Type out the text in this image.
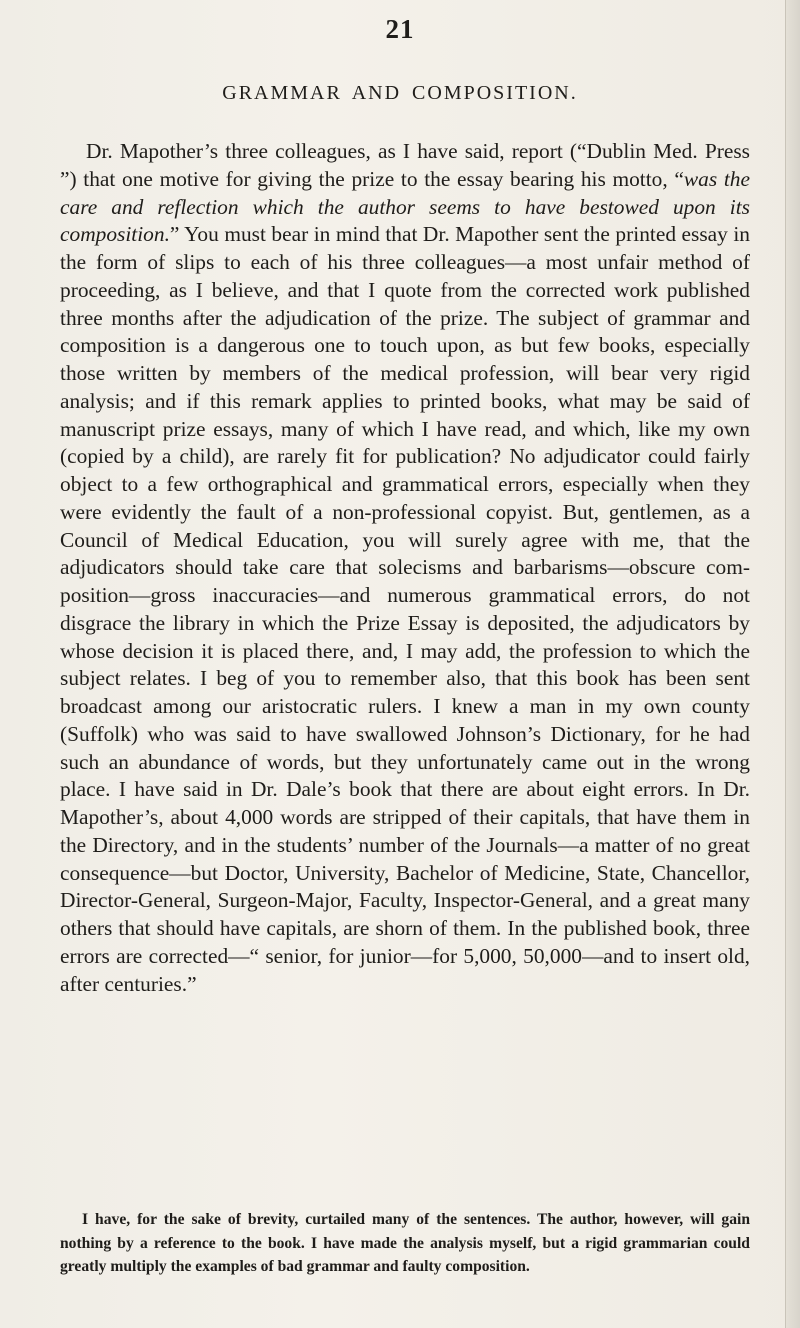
21
GRAMMAR AND COMPOSITION.

Dr. Mapother’s three colleagues, as I have said, report (“Dublin Med. Press ”) that one motive for giving the prize to the essay bearing his motto, “was the care and reflection which the author seems to have bestowed upon its composition.” You must bear in mind that Dr. Mapother sent the printed essay in the form of slips to each of his three colleagues—a most unfair method of proceeding, as I believe, and that I quote from the corrected work published three months after the adjudication of the prize. The subject of grammar and composition is a dangerous one to touch upon, as but few books, especially those written by members of the medical profession, will bear very rigid analysis; and if this remark applies to printed books, what may be said of manuscript prize essays, many of which I have read, and which, like my own (copied by a child), are rarely fit for publication? No adjudicator could fairly object to a few orthographical and grammatical errors, especially when they were evidently the fault of a non-professional copyist. But, gentlemen, as a Council of Medical Education, you will surely agree with me, that the adjudicators should take care that solecisms and barbarisms—obscure composition—gross inaccuracies—and numerous grammatical errors, do not disgrace the library in which the Prize Essay is deposited, the adjudicators by whose decision it is placed there, and, I may add, the profession to which the subject relates. I beg of you to remember also, that this book has been sent broadcast among our aristocratic rulers. I knew a man in my own county (Suffolk) who was said to have swallowed Johnson’s Dictionary, for he had such an abundance of words, but they unfortunately came out in the wrong place. I have said in Dr. Dale’s book that there are about eight errors. In Dr. Mapother’s, about 4,000 words are stripped of their capitals, that have them in the Directory, and in the students’ number of the Journals—a matter of no great consequence—but Doctor, University, Bachelor of Medicine, State, Chancellor, Director-General, Surgeon-Major, Faculty, Inspector-General, and a great many others that should have capitals, are shorn of them. In the published book, three errors are corrected—“ senior, for junior—for 5,000, 50,000—and to insert old, after centuries.”

I have, for the sake of brevity, curtailed many of the sentences. The author, however, will gain nothing by a reference to the book. I have made the analysis myself, but a rigid grammarian could greatly multiply the examples of bad grammar and faulty composition.
